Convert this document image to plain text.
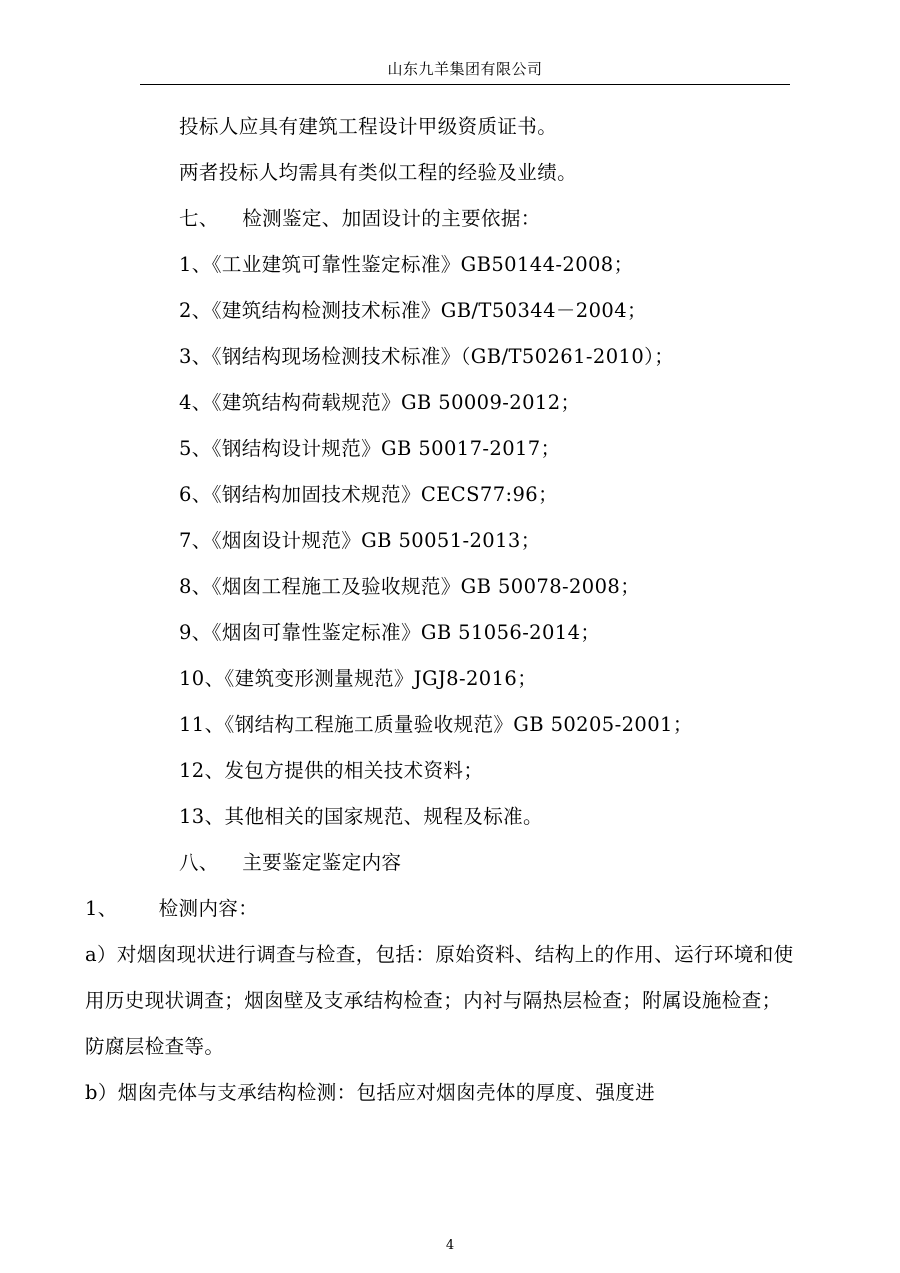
山东九羊集团有限公司

投标人应具有建筑工程设计甲级资质证书。

两者投标人均需具有类似工程的经验及业绩。

七、 检测鉴定、加固设计的主要依据：

1、《工业建筑可靠性鉴定标准》GB50144-2008；

2、《建筑结构检测技术标准》GB/T50344－2004；

3、《钢结构现场检测技术标准》（GB/T50261-2010）；

4、《建筑结构荷载规范》GB 50009-2012；

5、《钢结构设计规范》GB 50017-2017；

6、《钢结构加固技术规范》CECS77:96；

7、《烟囱设计规范》GB 50051-2013；

8、《烟囱工程施工及验收规范》GB 50078-2008；

9、《烟囱可靠性鉴定标准》GB 51056-2014；

10、《建筑变形测量规范》JGJ8-2016；

11、《钢结构工程施工质量验收规范》GB 50205-2001；

12、发包方提供的相关技术资料；

13、其他相关的国家规范、规程及标准。

八、 主要鉴定鉴定内容

1、 检测内容：

a）对烟囱现状进行调查与检查，包括：原始资料、结构上的作用、运行环境和使用历史现状调查；烟囱壁及支承结构检查；内衬与隔热层检查；附属设施检查；防腐层检查等。

b）烟囱壳体与支承结构检测：包括应对烟囱壳体的厚度、强度进

4
